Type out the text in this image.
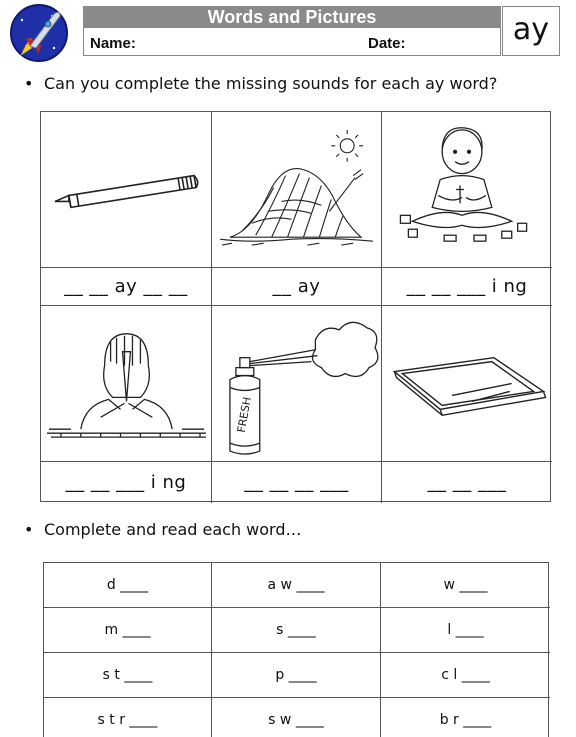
Words and Pictures
Name:	Date:	ay
• Can you complete the missing sounds for each ay word?
__ __ ay __ __	__ ay	__ __ ___ i ng
FRESH
__ __ ___ i ng	__ __ __ ___	__ __ ___
• Complete and read each word…
d ____	a w ____	w ____
m ____	s ____	l ____
s t ____	p ____	c l ____
s t r ____	s w ____	b r ____
